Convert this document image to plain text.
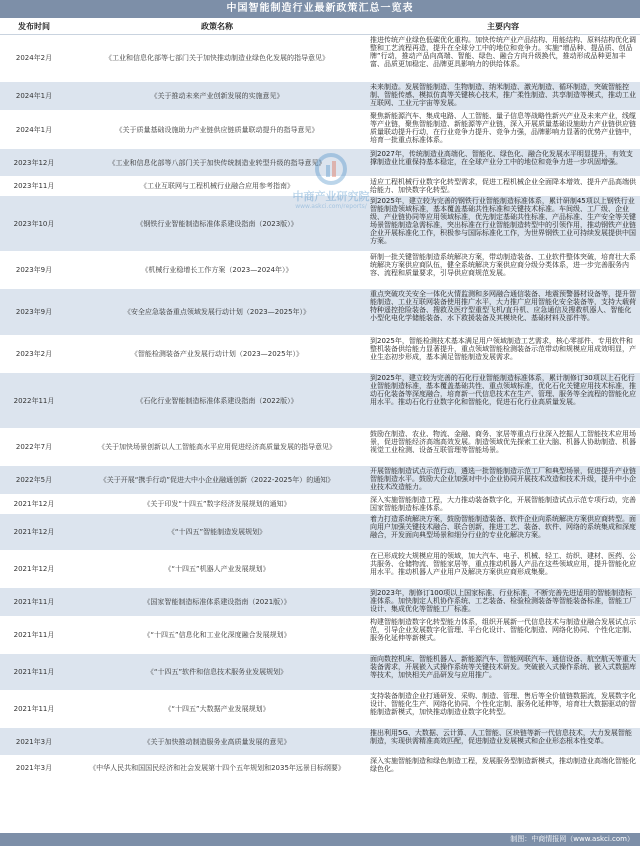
中国智能制造行业最新政策汇总一览表
发布时间	政策名称	主要内容
2024年2月	《工业和信息化部等七部门关于加快推动制造业绿色化发展的指导意见》
推进传统产业绿色低碳优化重构。加快传统产业产品结构、用能结构、原料结构优化调整和工艺流程再造，提升在全球分工中的地位和竞争力。实施“增品种、提品质、创品牌”行动，推动产品向高端、智能、绿色、融合方向升级换代，推动形成品种更加丰富、品质更加稳定、品牌更具影响力的供给体系。
2024年1月	《关于推动未来产业创新发展的实施意见》
未来制造。发展智能制造、生物制造、纳米制造、激光制造、循环制造，突破智能控制、智能传感、模拟仿真等关键核心技术，推广柔性制造、共享制造等模式，推动工业互联网、工业元宇宙等发展。
2024年1月	《关于质量基础设施助力产业链供应链质量联动提升的指导意见》
聚焦新能源汽车、集成电路、人工智能、量子信息等战略性新兴产业及未来产业，线缆等产业链，聚焦智能制造、新能源等产业链，深入开展质量基础设施助力产业链供应链质量联动提升行动，在行业竞争力提升、竞争力强，品牌影响力显著的优势产业链中，培育一批重点标准体系。
2023年12月	《工业和信息化部等八部门关于加快传统制造业转型升级的指导意见》
到2027年，传统制造业高端化、智能化、绿色化、融合化发展水平明显提升，有效支撑制造业比重保持基本稳定，在全球产业分工中的地位和竞争力进一步巩固增强。
2023年11月	《工业互联网与工程机械行业融合应用参考指南》	适应工程机械行业数字化转型需求，促进工程机械企业全面降本增效、提升产品高端供给能力、加快数字化转型。
2023年10月	《钢铁行业智能制造标准体系建设指南（2023版）》
到2025年，建立较为完善的钢铁行业智能制造标准体系，累计研制45项以上钢铁行业智能制造领域标准，基本覆盖基础共性标准和关键技术标准。车间级、工厂级、企业级、产业链协同等应用领域标准，优先制定基础共性标准、产品标准、生产安全等关键场景智能制造急需标准，突出标准在行业智能制造转型中的引领作用，推动钢铁产业链企业开展标准化工作，积极参与国际标准化工作，为世界钢铁工业可持续发展提供中国方案。
2023年9月	《机械行业稳增长工作方案（2023—2024年）》
研制一批关键智能制造系统解决方案，带动制造装备、工业软件整体突破，培育壮大系统解决方案供应商队伍，健全系统解决方案供应商分级分类体系，进一步完善服务内容、流程和质量要求，引导供应商规范发展。
2023年9月	《安全应急装备重点领域发展行动计划（2023—2025年）》
重点突破攻关安全一体化火情监测和多网融合通信装备、地震预警器材设备等，提升智能制造、工业互联网装备使用推广水平，大力推广应用智能化安全装备等，支持大载荷特种遥控抢险装备、搜救及医疗型重型飞机/直升机、应急通信及搜救机器人、智能化小型化电化学储能装备、水下救援装备及其模块化、基础材料及部件等。
2023年2月	《智能检测装备产业发展行动计划（2023—2025年）》
到2025年，智能检测技术基本满足用户领域制造工艺需求，核心零部件、专用软件和整机装备供给能力显著提升，重点领域智能检测装备示范带动和规模应用成效明显，产业生态初步形成，基本满足智能制造发展需求。
2022年11月	《石化行业智能制造标准体系建设指南（2022版）》
到2025年，建立较为完善的石化行业智能制造标准体系，累计制修订30项以上石化行业智能制造标准，基本覆盖基础共性、重点领域标准，优化石化关键应用技术标准，推动石化装备等深度融合，培育新一代信息技术在生产、管理、服务等全流程的智能化应用水平。推动石化行业数字化和智能化，促进石化行业高质量发展。
2022年7月	《关于加快场景创新以人工智能高水平应用促进经济高质量发展的指导意见》
鼓励在制造、农业、物流、金融、商务、家居等重点行业深入挖掘人工智能技术应用场景，促进智能经济高端高效发展。制造领域优先探索工业大脑、机器人协助制造、机器视觉工业检测、设备互联管理等智能场景。
2022年5月	《关于开展“携手行动”促进大中小企业融通创新（2022-2025年）的通知》
开展智能制造试点示范行动，遴选一批智能制造示范工厂和典型场景，促进提升产业链智能制造水平。鼓励大企业加强对中小企业协同开展技术改造和技术升级，提升中小企业技术改造能力。
2021年12月	《关于印发“十四五”数字经济发展规划的通知》	深入实施智能制造工程，大力推动装备数字化，开展智能制造试点示范专项行动，完善国家智能制造标准体系。
2021年12月	《“十四五”智能制造发展规划》
着力打造系统解决方案，鼓励智能制造装备、软件企业向系统解决方案供应商转型。面向用户加强关键技术融合、联合创新，推进工艺、装备、软件、网络的系统集成和深度融合，开发面向典型场景和细分行业的专业化解决方案。
2021年12月	《“十四五”机器人产业发展规划》
在已形成较大规模应用的领域，加大汽车、电子、机械、轻工、纺织、建材、医药、公共服务、仓储物流、智能家居等，重点推动机器人产品在这些领域应用，提升智能化应用水平。推动机器人产业用户及解决方案供应商形成集聚。
2021年11月	《国家智能制造标准体系建设指南（2021版）》
到2023年，制修订100项以上国家标准、行业标准，不断完善先进适用的智能制造标准体系。加快制定人机协作系统、工艺装备、检验检测装备等智能装备标准，智能工厂设计、集成优化等智能工厂标准。
2021年11月	《“十四五”信息化和工业化深度融合发展规划》
构建智能制造数字化转型能力体系，组织开展新一代信息技术与制造业融合发展试点示范，引导企业发展数字化管理、平台化设计、智能化制造、网络化协同、个性化定制、服务化延伸等新模式。
2021年11月	《“十四五”软件和信息技术服务业发展规划》
面向数控机床、智能机器人、新能源汽车、智能网联汽车、通信设备、航空航天等重大装备需求，开展嵌入式操作系统等关键技术研发。突破嵌入式操作系统、嵌入式数据库等技术，加快相关产品研发与应用推广。
2021年11月	《“十四五”大数据产业发展规划》
支持装备制造企业打通研发、采购、制造、管理、售后等全价值链数据流，发展数字化设计、智能化生产、网络化协同、个性化定制、服务化延伸等，培育壮大数据驱动的智能制造新模式，加快推动制造业数字化转型。
2021年3月	《关于加快推动制造服务业高质量发展的意见》
推出利用5G、大数据、云计算、人工智能、区块链等新一代信息技术，大力发展智能制造，实现供需精准高效匹配，促进制造业发展模式和企业形态根本性变革。
2021年3月	《中华人民共和国国民经济和社会发展第十四个五年规划和2035年远景目标纲要》
深入实施智能制造和绿色制造工程，发展服务型制造新模式，推动制造业高端化智能化绿色化。
中商产业研究院
www.askci.com/reports/
制图：中商情报网（www.askci.com）
